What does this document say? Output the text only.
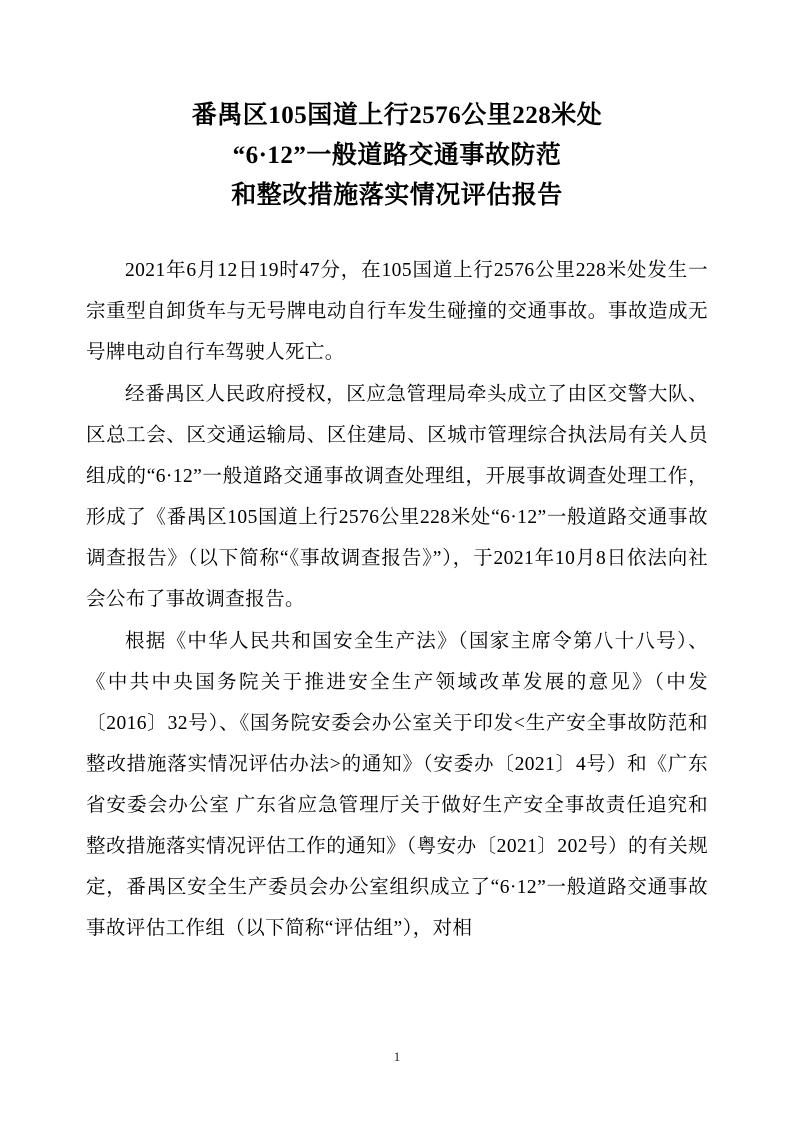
番禺区105国道上行2576公里228米处
“6·12”一般道路交通事故防范
和整改措施落实情况评估报告

2021年6月12日19时47分，在105国道上行2576公里228米处发生一宗重型自卸货车与无号牌电动自行车发生碰撞的交通事故。事故造成无号牌电动自行车驾驶人死亡。

经番禺区人民政府授权，区应急管理局牵头成立了由区交警大队、区总工会、区交通运输局、区住建局、区城市管理综合执法局有关人员组成的“6·12”一般道路交通事故调查处理组，开展事故调查处理工作，形成了《番禺区105国道上行2576公里228米处“6·12”一般道路交通事故调查报告》（以下简称“《事故调查报告》”），于2021年10月8日依法向社会公布了事故调查报告。

根据《中华人民共和国安全生产法》（国家主席令第八十八号）、《中共中央国务院关于推进安全生产领域改革发展的意见》（中发〔2016〕32号）、《国务院安委会办公室关于印发<生产安全事故防范和整改措施落实情况评估办法>的通知》（安委办〔2021〕4号）和《广东省安委会办公室 广东省应急管理厅关于做好生产安全事故责任追究和整改措施落实情况评估工作的通知》（粤安办〔2021〕202号）的有关规定，番禺区安全生产委员会办公室组织成立了“6·12”一般道路交通事故事故评估工作组（以下简称“评估组”），对相

1
